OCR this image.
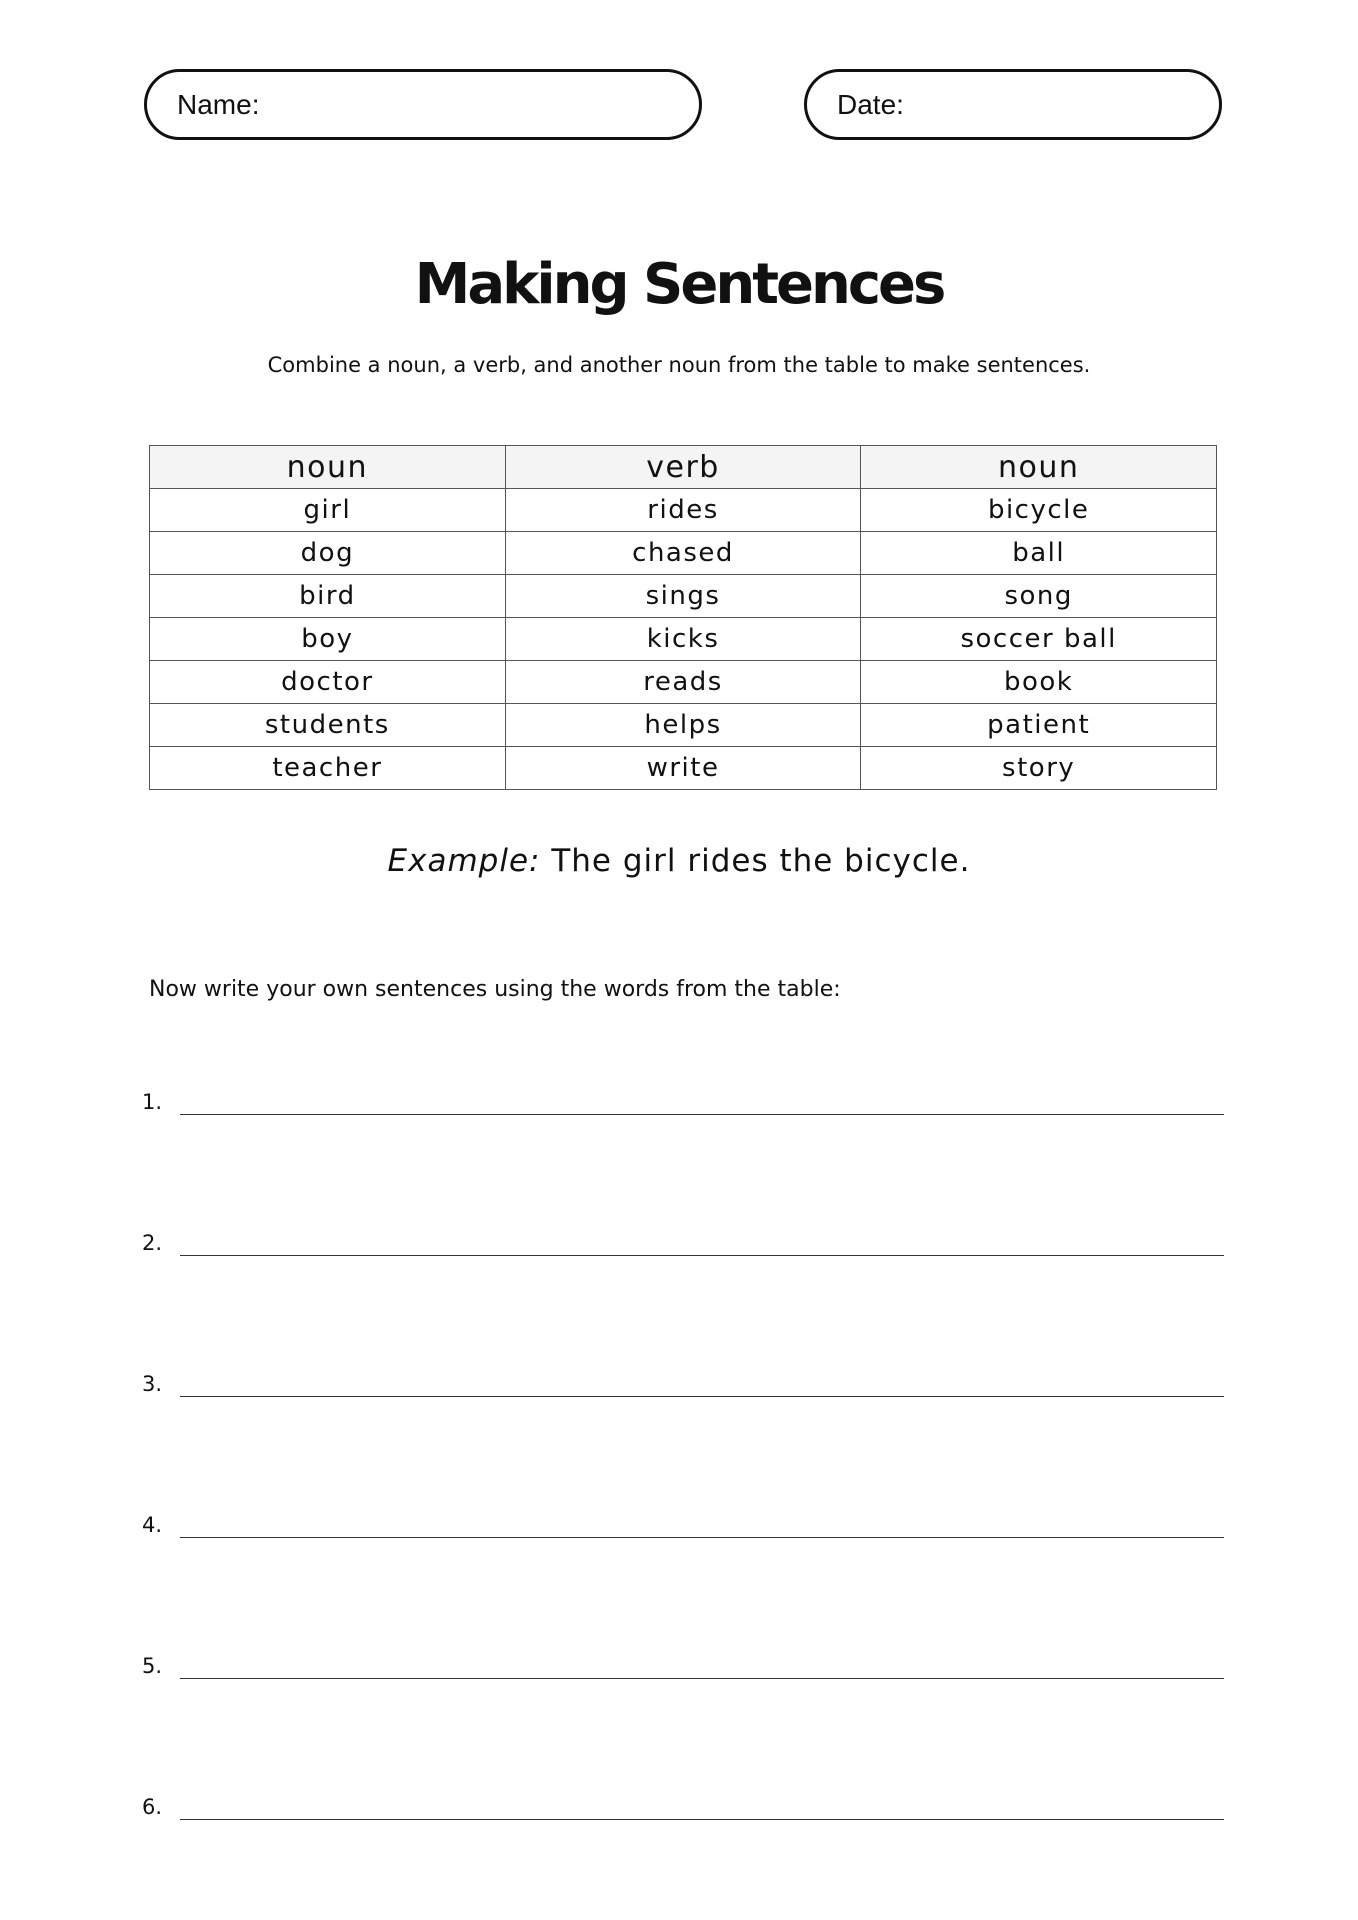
Name:	Date:
Making Sentences

Combine a noun, a verb, and another noun from the table to make sentences.

noun	verb	noun
girl	rides	bicycle
dog	chased	ball
bird	sings	song
boy	kicks	soccer ball
doctor	reads	book
students	helps	patient
teacher	write	story

Example: The girl rides the bicycle.

Now write your own sentences using the words from the table:

1.
2.
3.
4.
5.
6.
